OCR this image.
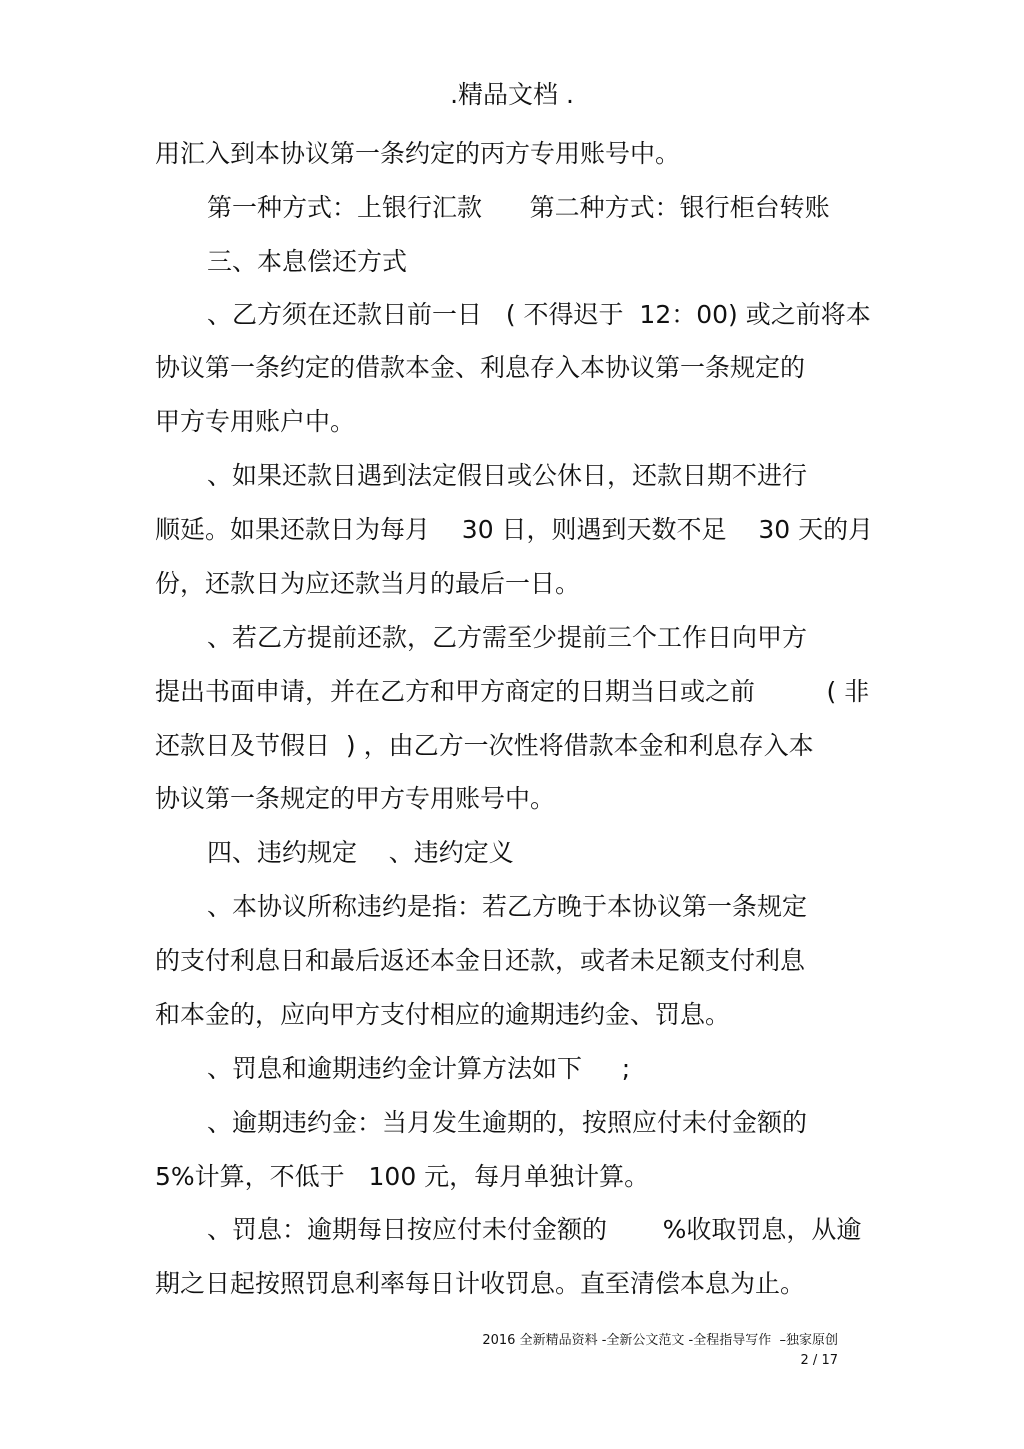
.精品文档 .
用汇入到本协议第一条约定的丙方专用账号中。
第一种方式：上银行汇款      第二种方式：银行柜台转账
三、本息偿还方式
、乙方须在还款日前一日   ( 不得迟于  12：00) 或之前将本
协议第一条约定的借款本金、利息存入本协议第一条规定的
甲方专用账户中。
、如果还款日遇到法定假日或公休日，还款日期不进行
顺延。如果还款日为每月    30 日，则遇到天数不足    30 天的月
份，还款日为应还款当月的最后一日。
、若乙方提前还款，乙方需至少提前三个工作日向甲方
提出书面申请，并在乙方和甲方商定的日期当日或之前         ( 非
还款日及节假日  ) ，由乙方一次性将借款本金和利息存入本
协议第一条规定的甲方专用账号中。
四、违约规定    、违约定义
、本协议所称违约是指：若乙方晚于本协议第一条规定
的支付利息日和最后返还本金日还款，或者未足额支付利息
和本金的，应向甲方支付相应的逾期违约金、罚息。
、罚息和逾期违约金计算方法如下     ;
、逾期违约金：当月发生逾期的，按照应付未付金额的
5%计算，不低于   100 元，每月单独计算。
、罚息：逾期每日按应付未付金额的       %收取罚息，从逾
期之日起按照罚息利率每日计收罚息。直至清偿本息为止。
2016 全新精品资料 -全新公文范文 -全程指导写作  –独家原创
2 / 17
